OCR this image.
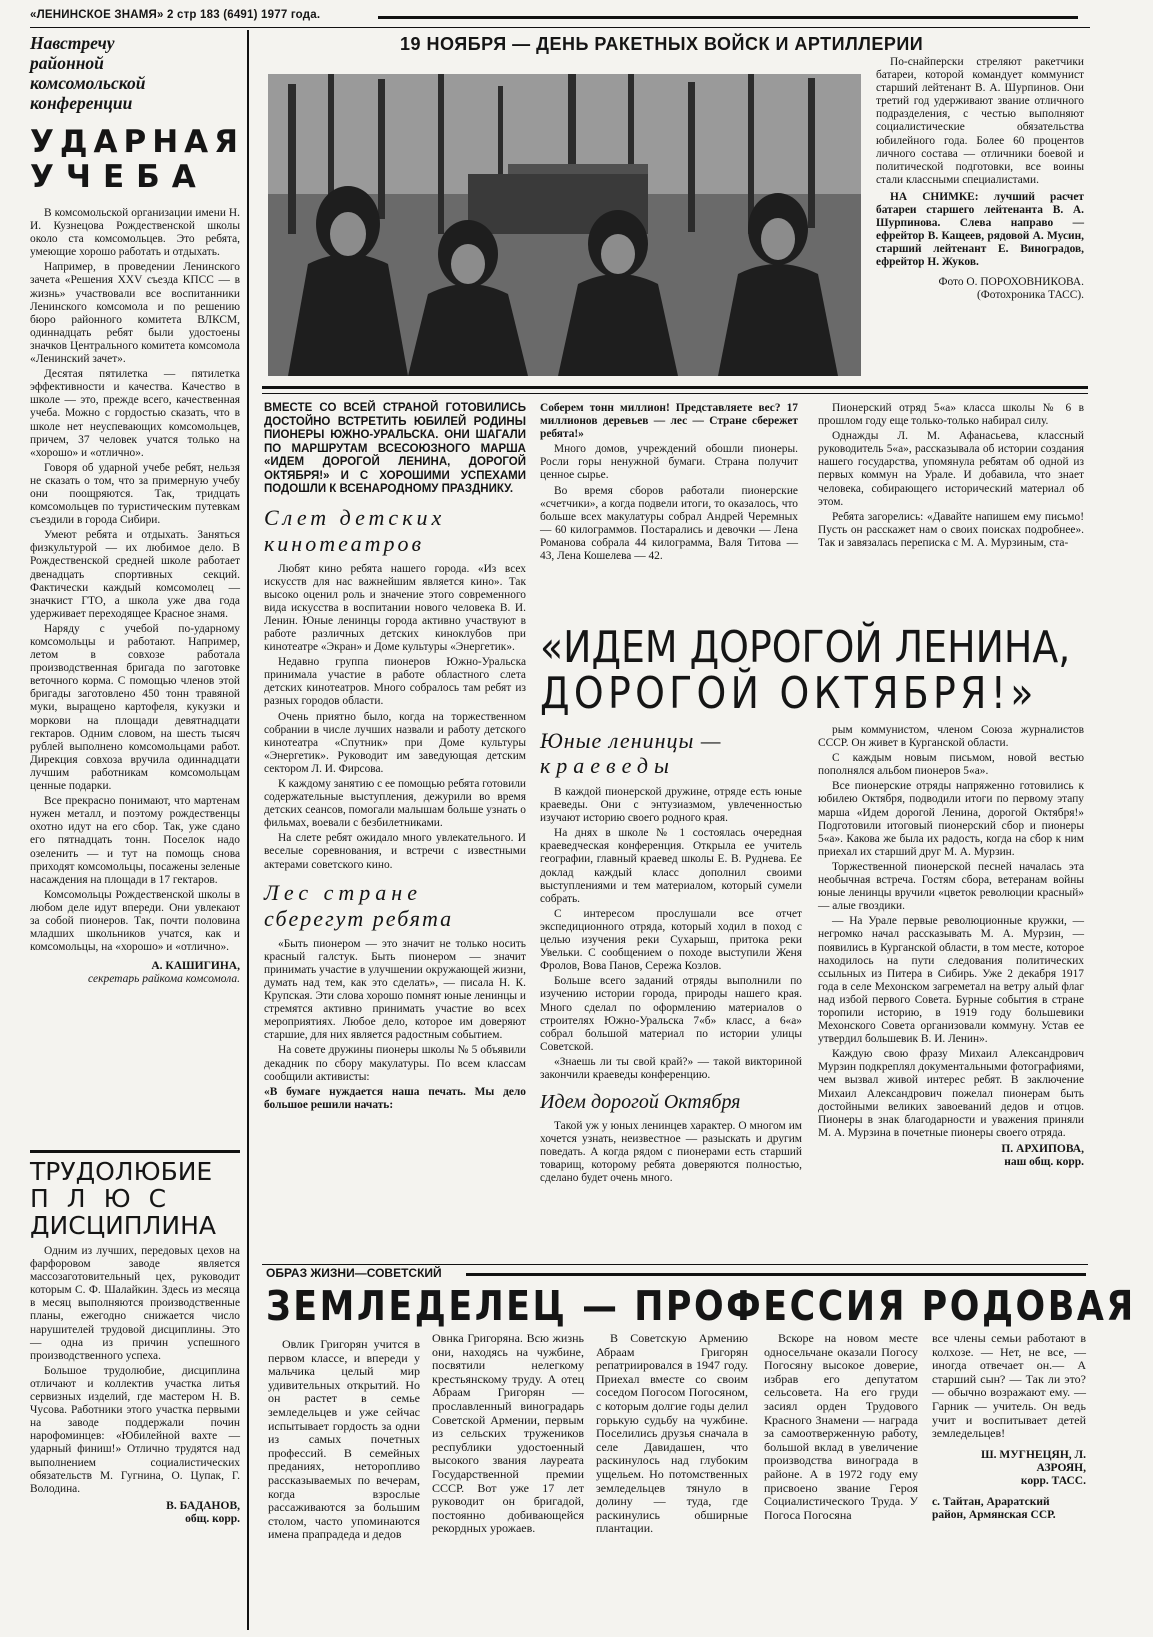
«ЛЕНИНСКОЕ ЗНАМЯ» 2 стр 183 (6491) 1977 года.
Навстречу районной комсомольской конференции
УДАРНАЯ
УЧЕБА

В комсомольской организации имени Н. И. Кузнецова Рождественской школы около ста комсомольцев. Это ребята, умеющие хорошо работать и отдыхать.

Например, в проведении Ленинского зачета «Решения XXV съезда КПСС — в жизнь» участвовали все воспитанники Ленинского комсомола и по решению бюро районного комитета ВЛКСМ, одиннадцать ребят были удостоены значков Центрального комитета комсомола «Ленинский зачет».

Десятая пятилетка — пятилетка эффективности и качества. Качество в школе — это, прежде всего, качественная учеба. Можно с гордостью сказать, что в школе нет неуспевающих комсомольцев, причем, 37 человек учатся только на «хорошо» и «отлично».

Говоря об ударной учебе ребят, нельзя не сказать о том, что за примерную учебу они поощряются. Так, тридцать комсомольцев по туристическим путевкам съездили в города Сибири.

Умеют ребята и отдыхать. Заняться физкультурой — их любимое дело. В Рождественской средней школе работает двенадцать спортивных секций. Фактически каждый комсомолец — значкист ГТО, а школа уже два года удерживает переходящее Красное знамя.

Наряду с учебой по-ударному комсомольцы и работают. Например, летом в совхозе работала производственная бригада по заготовке веточного корма. С помощью членов этой бригады заготовлено 450 тонн травяной муки, выращено картофеля, кукузки и моркови на площади девятнадцати гектаров. Одним словом, на шесть тысяч рублей выполнено комсомольцами работ. Дирекция совхоза вручила одиннадцати лучшим работникам комсомольцам ценные подарки.

Все прекрасно понимают, что мартенам нужен металл, и поэтому рождественцы охотно идут на его сбор. Так, уже сдано его пятнадцать тонн. Поселок надо озеленить — и тут на помощь снова приходят комсомольцы, посажены зеленые насаждения на площади в 17 гектаров.

Комсомольцы Рождественской школы в любом деле идут впереди. Они увлекают за собой пионеров. Так, почти половина младших школьников учатся, как и комсомольцы, на «хорошо» и «отлично».

А. КАШИГИНА,
секретарь райкома комсомола.
ТРУДОЛЮБИЕ
ПЛЮС
ДИСЦИПЛИНА

Одним из лучших, передовых цехов на фарфоровом заводе является массозаготовительный цех, руководит которым С. Ф. Шалайкин. Здесь из месяца в месяц выполняются производственные планы, ежегодно снижается число нарушителей трудовой дисциплины. Это — одна из причин успешного производственного успеха.

Большое трудолюбие, дисциплина отличают и коллектив участка литья сервизных изделий, где мастером Н. В. Чусова. Работники этого участка первыми на заводе поддержали почин нарофоминцев: «Юбилейной вахте — ударный финиш!» Отлично трудятся над выполнением социалистических обязательств М. Гугнина, О. Цупак, Г. Володина.

В. БАДАНОВ,
общ. корр.
19 НОЯБРЯ — ДЕНЬ РАКЕТНЫХ ВОЙСК И АРТИЛЛЕРИИ

По-снайперски стреляют ракетчики батареи, которой командует коммунист старший лейтенант В. А. Шурпинов. Они третий год удерживают звание отличного подразделения, с честью выполняют социалистические обязательства юбилейного года. Более 60 процентов личного состава — отличники боевой и политической подготовки, все воины стали классными специалистами.

НА СНИМКЕ: лучший расчет батареи старшего лейтенанта В. А. Шурпинова. Слева направо — ефрейтор В. Кащеев, рядовой А. Мусин, старший лейтенант Е. Виноградов, ефрейтор Н. Жуков.

Фото О. ПОРОХОВНИКОВА.
(Фотохроника ТАСС).
ВМЕСТЕ СО ВСЕЙ СТРАНОЙ ГОТОВИЛИСЬ ДОСТОЙНО ВСТРЕТИТЬ ЮБИЛЕЙ РОДИНЫ ПИОНЕРЫ ЮЖНО-УРАЛЬСКА. ОНИ ШАГАЛИ ПО МАРШРУТАМ ВСЕСОЮЗНОГО МАРША «ИДЕМ ДОРОГОЙ ЛЕНИНА, ДОРОГОЙ ОКТЯБРЯ!» И С ХОРОШИМИ УСПЕХАМИ ПОДОШЛИ К ВСЕНАРОДНОМУ ПРАЗДНИКУ.
Слет детских
кинотеатров

Любят кино ребята нашего города. «Из всех искусств для нас важнейшим является кино». Так высоко оценил роль и значение этого современного вида искусства в воспитании нового человека В. И. Ленин. Юные ленинцы города активно участвуют в работе различных детских киноклубов при кинотеатре «Экран» и Доме культуры «Энергетик».

Недавно группа пионеров Южно-Уральска принимала участие в работе областного слета детских кинотеатров. Много собралось там ребят из разных городов области.

Очень приятно было, когда на торжественном собрании в числе лучших назвали и работу детского кинотеатра «Спутник» при Доме культуры «Энергетик». Руководит им заведующая детским сектором Л. И. Фирсова.

К каждому занятию с ее помощью ребята готовили содержательные выступления, дежурили во время детских сеансов, помогали малышам больше узнать о фильмах, воевали с безбилетниками.

На слете ребят ожидало много увлекательного. И веселые соревнования, и встречи с известными актерами советского кино.

Лес стране
сберегут ребята

«Быть пионером — это значит не только носить красный галстук. Быть пионером — значит принимать участие в улучшении окружающей жизни, думать над тем, как это сделать», — писала Н. К. Крупская. Эти слова хорошо помнят юные ленинцы и стремятся активно принимать участие во всех мероприятиях. Любое дело, которое им доверяют старшие, для них является радостным событием.

На совете дружины пионеры школы № 5 объявили декадник по сбору макулатуры. По всем классам сообщили активисты:

«В бумаге нуждается наша печать. Мы дело большое решили начать:

Соберем тонн миллион! Представляете вес? 17 миллионов деревьев — лес — Стране сбережет ребята!»

Много домов, учреждений обошли пионеры. Росли горы ненужной бумаги. Страна получит ценное сырье.

Во время сборов работали пионерские «счетчики», а когда подвели итоги, то оказалось, что больше всех макулатуры собрал Андрей Черемных — 60 килограммов. Постарались и девочки — Лена Романова собрала 44 килограмма, Валя Титова — 43, Лена Кошелева — 42.

Пионерский отряд 5«а» класса школы № 6 в прошлом году еще только-только набирал силу.

Однажды Л. М. Афанасьева, классный руководитель 5«а», рассказывала об истории создания нашего государства, упомянула ребятам об одной из первых коммун на Урале. И добавила, что знает человека, собирающего исторический материал об этом.

Ребята загорелись: «Давайте напишем ему письмо! Пусть он расскажет нам о своих поисках подробнее». Так и завязалась переписка с М. А. Мурзиным, ста-

«ИДЕМ ДОРОГОЙ ЛЕНИНА,
ДОРОГОЙ ОКТЯБРЯ!»
Юные ленинцы —
краеведы

В каждой пионерской дружине, отряде есть юные краеведы. Они с энтузиазмом, увлеченностью изучают историю своего родного края.

На днях в школе № 1 состоялась очередная краеведческая конференция. Открыла ее учитель географии, главный краевед школы Е. В. Руднева. Ее доклад каждый класс дополнил своими выступлениями и тем материалом, который сумели собрать.

С интересом прослушали все отчет экспедиционного отряда, который ходил в поход с целью изучения реки Сухарыш, притока реки Увельки. С сообщением о походе выступили Женя Фролов, Вова Панов, Сережа Козлов.

Больше всего заданий отряды выполнили по изучению истории города, природы нашего края. Много сделал по оформлению материалов о строителях Южно-Уральска 7«б» класс, а 6«а» собрал большой материал по истории улицы Советской.

«Знаешь ли ты свой край?» — такой викториной закончили краеведы конференцию.

Идем дорогой Октября

Такой уж у юных ленинцев характер. О многом им хочется узнать, неизвестное — разыскать и другим поведать. А когда рядом с пионерами есть старший товарищ, которому ребята доверяются полностью, сделано будет очень много.

рым коммунистом, членом Союза журналистов СССР. Он живет в Курганской области.

С каждым новым письмом, новой вестью пополнялся альбом пионеров 5«а».

Все пионерские отряды напряженно готовились к юбилею Октября, подводили итоги по первому этапу марша «Идем дорогой Ленина, дорогой Октября!» Подготовили итоговый пионерский сбор и пионеры 5«а». Какова же была их радость, когда на сбор к ним приехал их старший друг М. А. Мурзин.

Торжественной пионерской песней началась эта необычная встреча. Гостям сбора, ветеранам войны юные ленинцы вручили «цветок революции красный» — алые гвоздики.

— На Урале первые революционные кружки, — негромко начал рассказывать М. А. Мурзин, — появились в Курганской области, в том месте, которое находилось на пути следования политических ссыльных из Питера в Сибирь. Уже 2 декабря 1917 года в селе Мехонском загреметал на ветру алый флаг над избой первого Совета. Бурные события в стране торопили историю, в 1919 году большевики Мехонского Совета организовали коммуну. Устав ее утвердил большевик В. И. Ленин».

Каждую свою фразу Михаил Александрович Мурзин подкреплял документальными фотографиями, чем вызвал живой интерес ребят. В заключение Михаил Александрович пожелал пионерам быть достойными великих завоеваний дедов и отцов. Пионеры в знак благодарности и уважения приняли М. А. Мурзина в почетные пионеры своего отряда.

П. АРХИПОВА,
наш общ. корр.
ОБРАЗ ЖИЗНИ—СОВЕТСКИЙ
ЗЕМЛЕДЕЛЕЦ — ПРОФЕССИЯ РОДОВАЯ

Овлик Григорян учится в первом классе, и впереди у мальчика целый мир удивительных открытий. Но он растет в семье земледельцев и уже сейчас испытывает гордость за одни из самых почетных профессий. В семейных преданиях, неторопливо рассказываемых по вечерам, когда взрослые рассаживаются за большим столом, часто упоминаются имена прапрадеда и дедов

Овнка Григоряна. Всю жизнь они, находясь на чужбине, посвятили нелегкому крестьянскому труду. А отец Абраам Григорян — прославленный виноградарь Советской Армении, первым из сельских тружеников республики удостоенный высокого звания лауреата Государственной премии СССР. Вот уже 17 лет руководит он бригадой, постоянно добивающейся рекордных урожаев.

В Советскую Армению Абраам Григорян репатриировался в 1947 году. Приехал вместе со своим соседом Погосом Погосяном, с которым долгие годы делил горькую судьбу на чужбине. Поселились друзья сначала в селе Давидашен, что раскинулось над глубоким ущельем. Но потомственных земледельцев тянуло в долину — туда, где раскинулись обширные плантации.

Вскоре на новом месте односельчане оказали Погосу Погосяну высокое доверие, избрав его депутатом сельсовета. На его груди засиял орден Трудового Красного Знамени — награда за самоотверженную работу, большой вклад в увеличение производства винограда в районе. А в 1972 году ему присвоено звание Героя Социалистического Труда. У Погоса Погосяна

все члены семьи работают в колхозе. — Нет, не все, — иногда отвечает он.— А старший сын? — Так ли это? — обычно возражают ему. — Гарник — учитель. Он ведь учит и воспитывает детей земледельцев!

Ш. МУГНЕЦЯН, Л. АЗРОЯН,
корр. ТАСС.
с. Тайтан, Араратский район, Армянская ССР.
